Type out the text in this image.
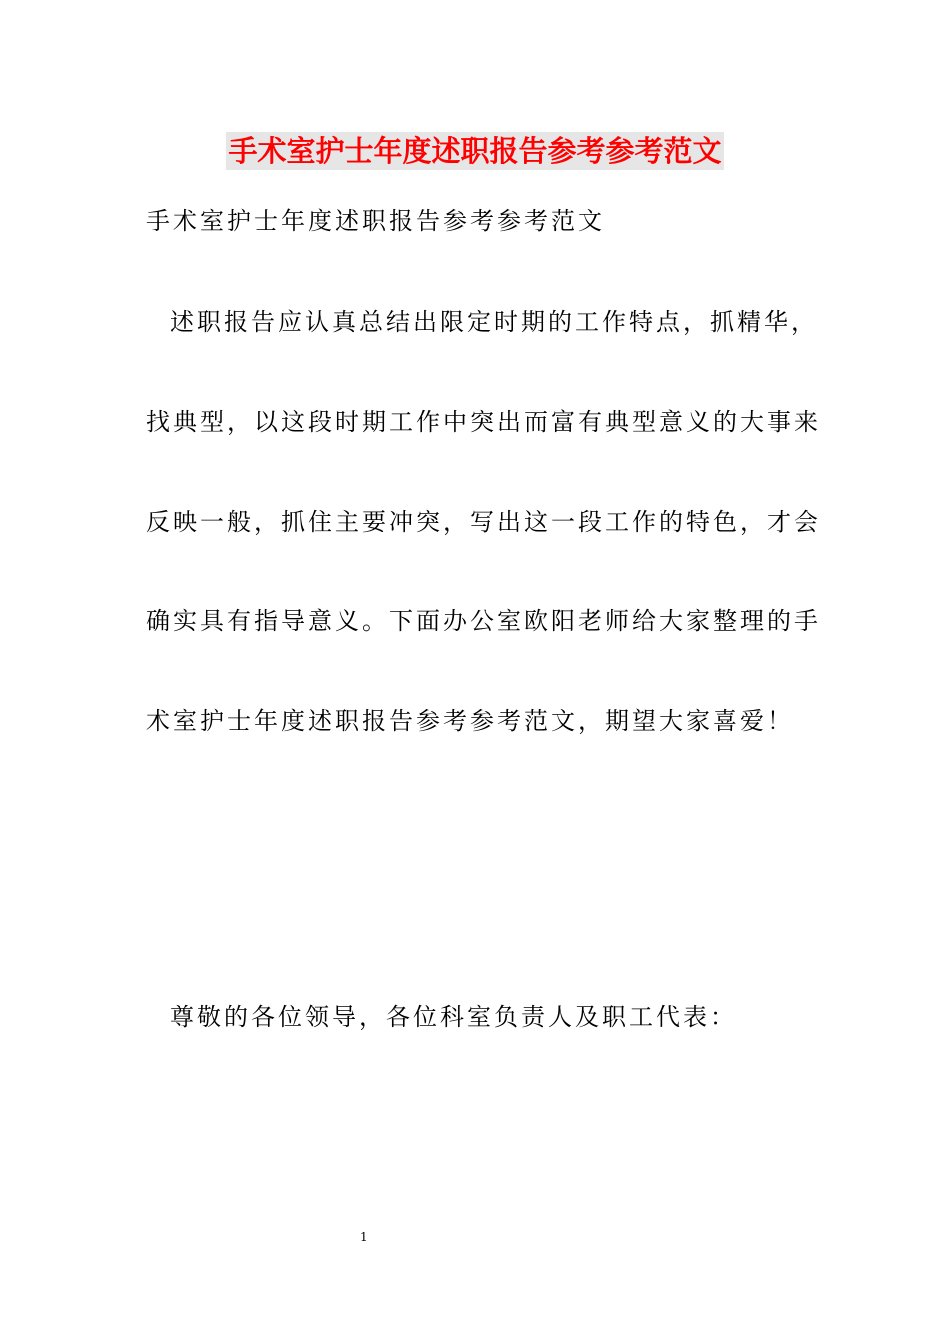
手术室护士年度述职报告参考参考范文
手术室护士年度述职报告参考参考范文
述职报告应认真总结出限定时期的工作特点，抓精华，
找典型，以这段时期工作中突出而富有典型意义的大事来
反映一般，抓住主要冲突，写出这一段工作的特色，才会
确实具有指导意义。下面办公室欧阳老师给大家整理的手
术室护士年度述职报告参考参考范文，期望大家喜爱！
尊敬的各位领导，各位科室负责人及职工代表：
1
